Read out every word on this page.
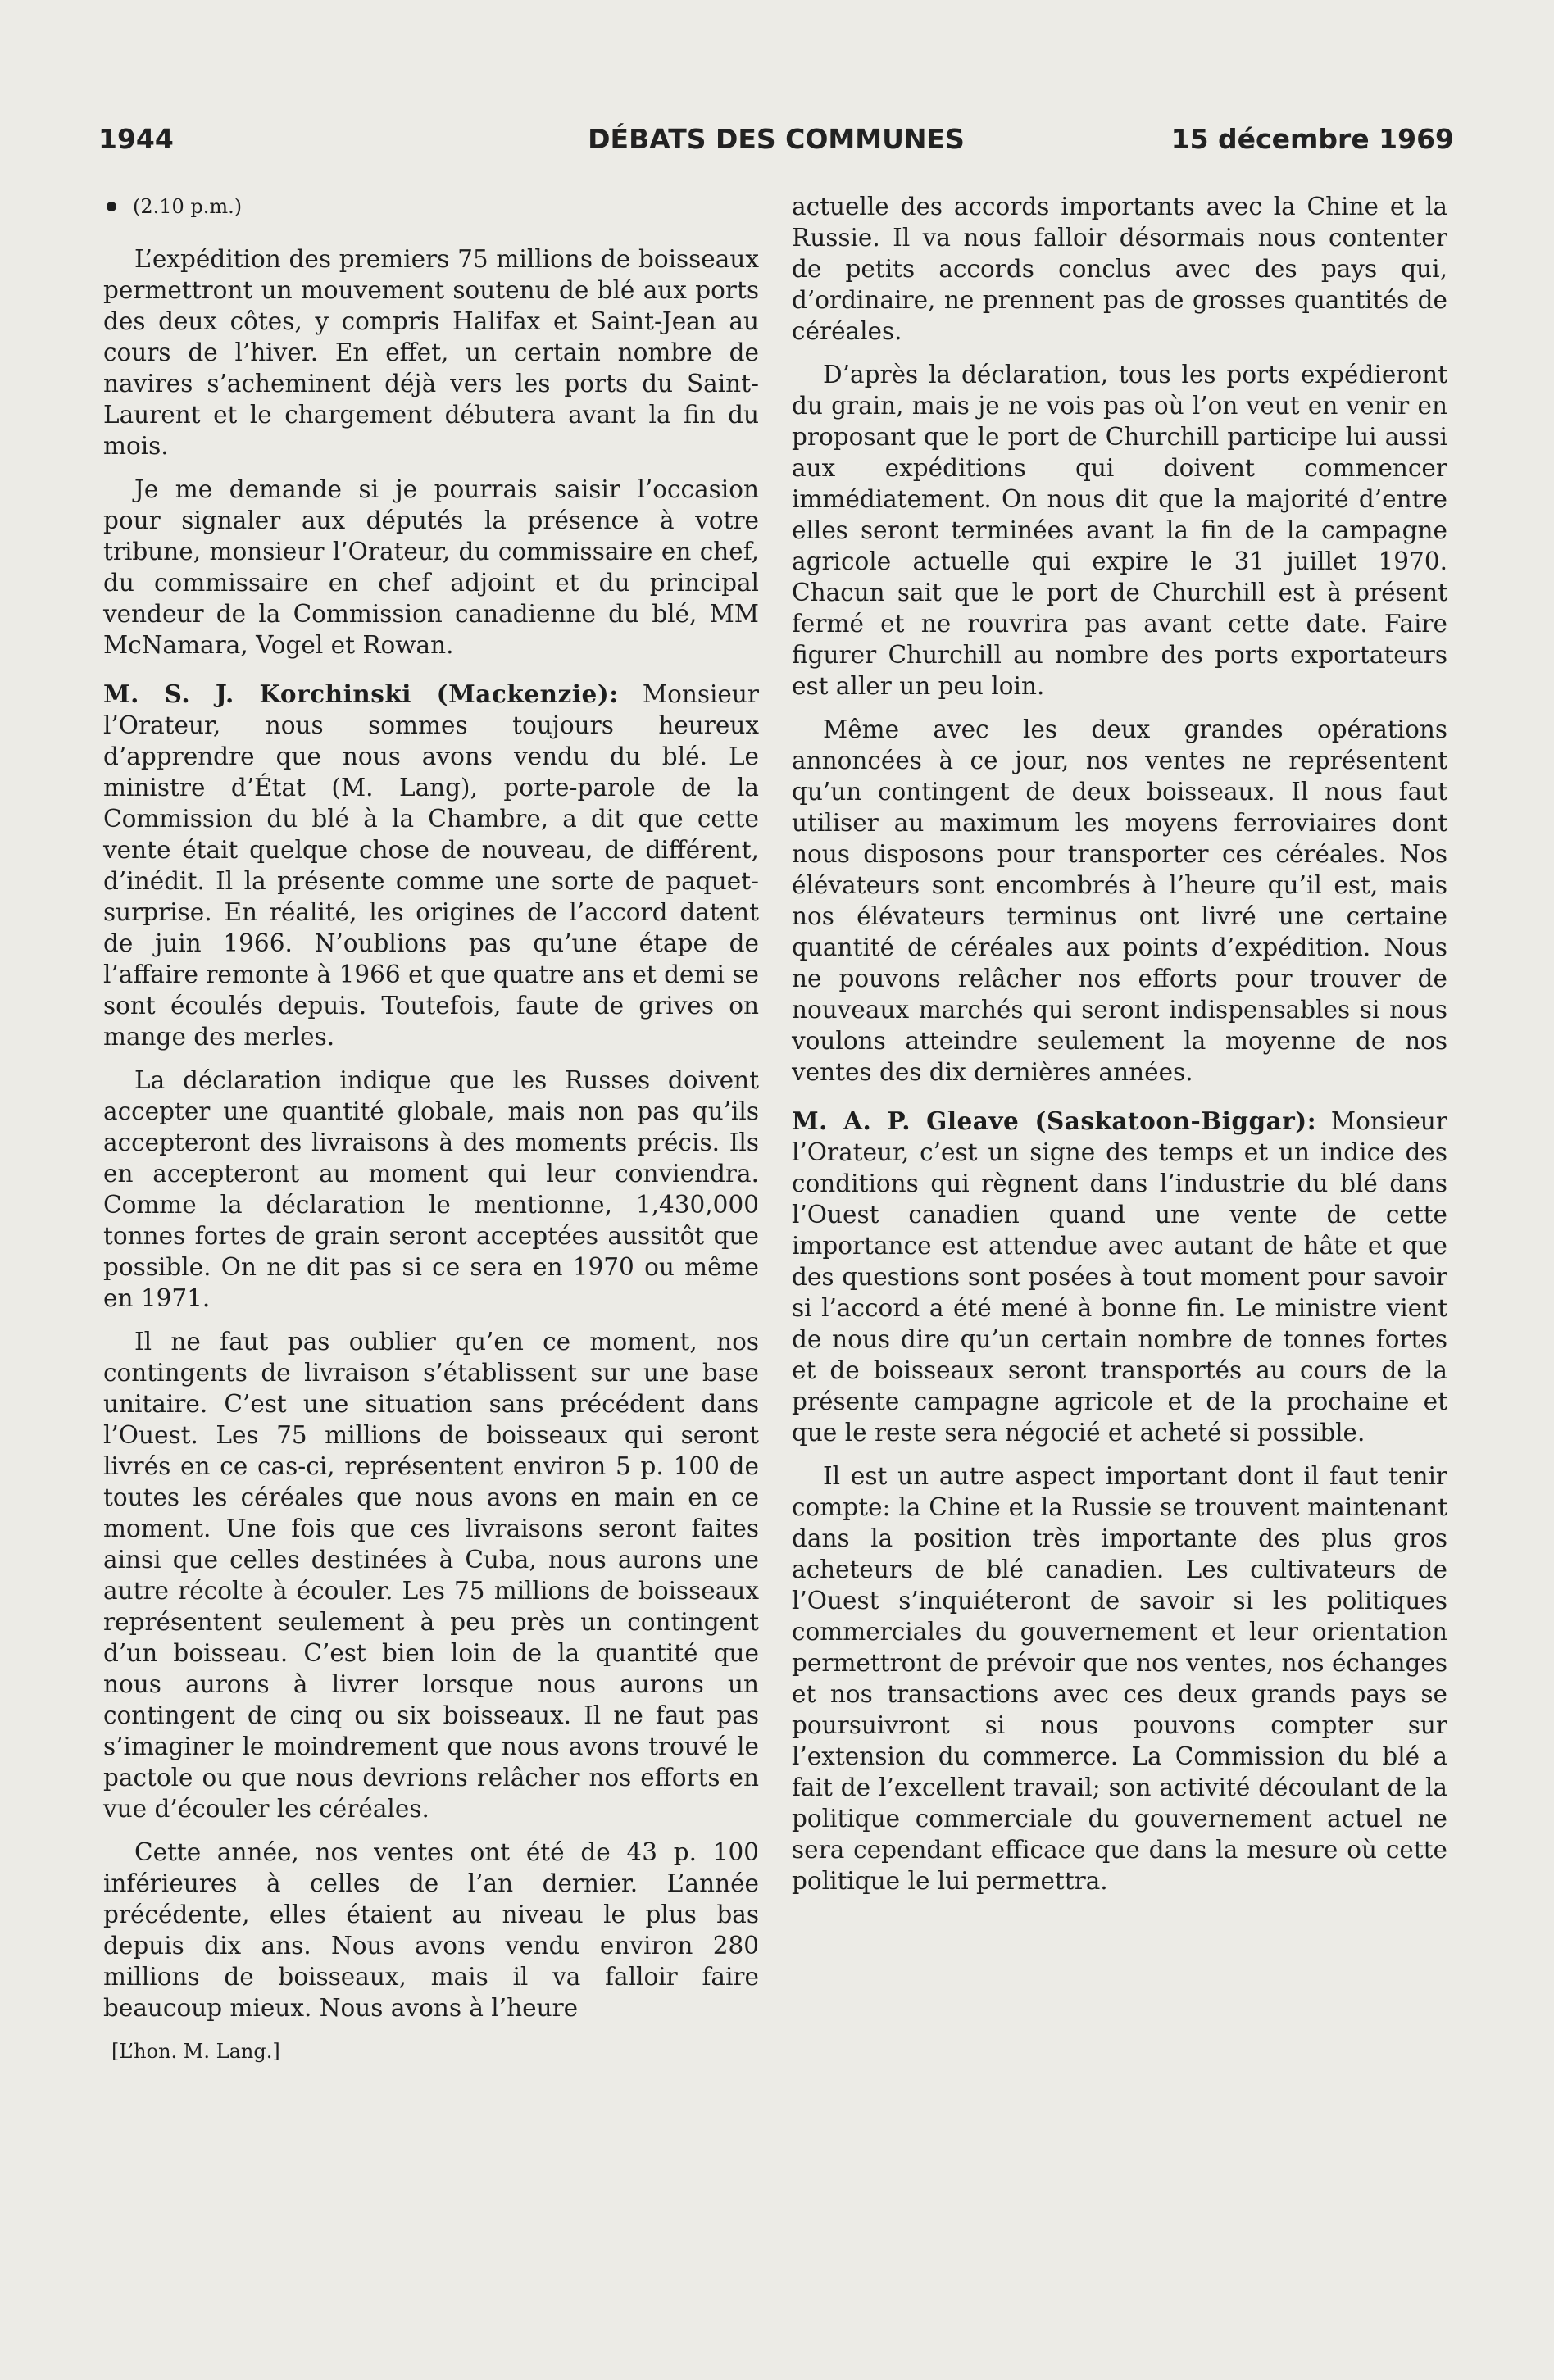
1944	DÉBATS DES COMMUNES	15 décembre 1969
(2.10 p.m.)

L’expédition des premiers 75 millions de boisseaux permettront un mouvement soutenu de blé aux ports des deux côtes, y compris Halifax et Saint-Jean au cours de l’hiver. En effet, un certain nombre de navires s’acheminent déjà vers les ports du Saint-Laurent et le chargement débutera avant la fin du mois.

Je me demande si je pourrais saisir l’occasion pour signaler aux députés la présence à votre tribune, monsieur l’Orateur, du commissaire en chef, du commissaire en chef adjoint et du principal vendeur de la Commission canadienne du blé, MM McNamara, Vogel et Rowan.

M. S. J. Korchinski (Mackenzie): Monsieur l’Orateur, nous sommes toujours heureux d’apprendre que nous avons vendu du blé. Le ministre d’État (M. Lang), porte-parole de la Commission du blé à la Chambre, a dit que cette vente était quelque chose de nouveau, de différent, d’inédit. Il la présente comme une sorte de paquet-surprise. En réalité, les origines de l’accord datent de juin 1966. N’oublions pas qu’une étape de l’affaire remonte à 1966 et que quatre ans et demi se sont écoulés depuis. Toutefois, faute de grives on mange des merles.

La déclaration indique que les Russes doivent accepter une quantité globale, mais non pas qu’ils accepteront des livraisons à des moments précis. Ils en accepteront au moment qui leur conviendra. Comme la déclaration le mentionne, 1,430,000 tonnes fortes de grain seront acceptées aussitôt que possible. On ne dit pas si ce sera en 1970 ou même en 1971.

Il ne faut pas oublier qu’en ce moment, nos contingents de livraison s’établissent sur une base unitaire. C’est une situation sans précédent dans l’Ouest. Les 75 millions de boisseaux qui seront livrés en ce cas-ci, représentent environ 5 p. 100 de toutes les céréales que nous avons en main en ce moment. Une fois que ces livraisons seront faites ainsi que celles destinées à Cuba, nous aurons une autre récolte à écouler. Les 75 millions de boisseaux représentent seulement à peu près un contingent d’un boisseau. C’est bien loin de la quantité que nous aurons à livrer lorsque nous aurons un contingent de cinq ou six boisseaux. Il ne faut pas s’imaginer le moindrement que nous avons trouvé le pactole ou que nous devrions relâcher nos efforts en vue d’écouler les céréales.

Cette année, nos ventes ont été de 43 p. 100 inférieures à celles de l’an dernier. L’année précédente, elles étaient au niveau le plus bas depuis dix ans. Nous avons vendu environ 280 millions de boisseaux, mais il va falloir faire beaucoup mieux. Nous avons à l’heure

[L’hon. M. Lang.]

actuelle des accords importants avec la Chine et la Russie. Il va nous falloir désormais nous contenter de petits accords conclus avec des pays qui, d’ordinaire, ne prennent pas de grosses quantités de céréales.

D’après la déclaration, tous les ports expédieront du grain, mais je ne vois pas où l’on veut en venir en proposant que le port de Churchill participe lui aussi aux expéditions qui doivent commencer immédiatement. On nous dit que la majorité d’entre elles seront terminées avant la fin de la campagne agricole actuelle qui expire le 31 juillet 1970. Chacun sait que le port de Churchill est à présent fermé et ne rouvrira pas avant cette date. Faire figurer Churchill au nombre des ports exportateurs est aller un peu loin.

Même avec les deux grandes opérations annoncées à ce jour, nos ventes ne représentent qu’un contingent de deux boisseaux. Il nous faut utiliser au maximum les moyens ferroviaires dont nous disposons pour transporter ces céréales. Nos élévateurs sont encombrés à l’heure qu’il est, mais nos élévateurs terminus ont livré une certaine quantité de céréales aux points d’expédition. Nous ne pouvons relâcher nos efforts pour trouver de nouveaux marchés qui seront indispensables si nous voulons atteindre seulement la moyenne de nos ventes des dix dernières années.

M. A. P. Gleave (Saskatoon-Biggar): Monsieur l’Orateur, c’est un signe des temps et un indice des conditions qui règnent dans l’industrie du blé dans l’Ouest canadien quand une vente de cette importance est attendue avec autant de hâte et que des questions sont posées à tout moment pour savoir si l’accord a été mené à bonne fin. Le ministre vient de nous dire qu’un certain nombre de tonnes fortes et de boisseaux seront transportés au cours de la présente campagne agricole et de la prochaine et que le reste sera négocié et acheté si possible.

Il est un autre aspect important dont il faut tenir compte: la Chine et la Russie se trouvent maintenant dans la position très importante des plus gros acheteurs de blé canadien. Les cultivateurs de l’Ouest s’inquiéteront de savoir si les politiques commerciales du gouvernement et leur orientation permettront de prévoir que nos ventes, nos échanges et nos transactions avec ces deux grands pays se poursuivront si nous pouvons compter sur l’extension du commerce. La Commission du blé a fait de l’excellent travail; son activité découlant de la politique commerciale du gouvernement actuel ne sera cependant efficace que dans la mesure où cette politique le lui permettra.
